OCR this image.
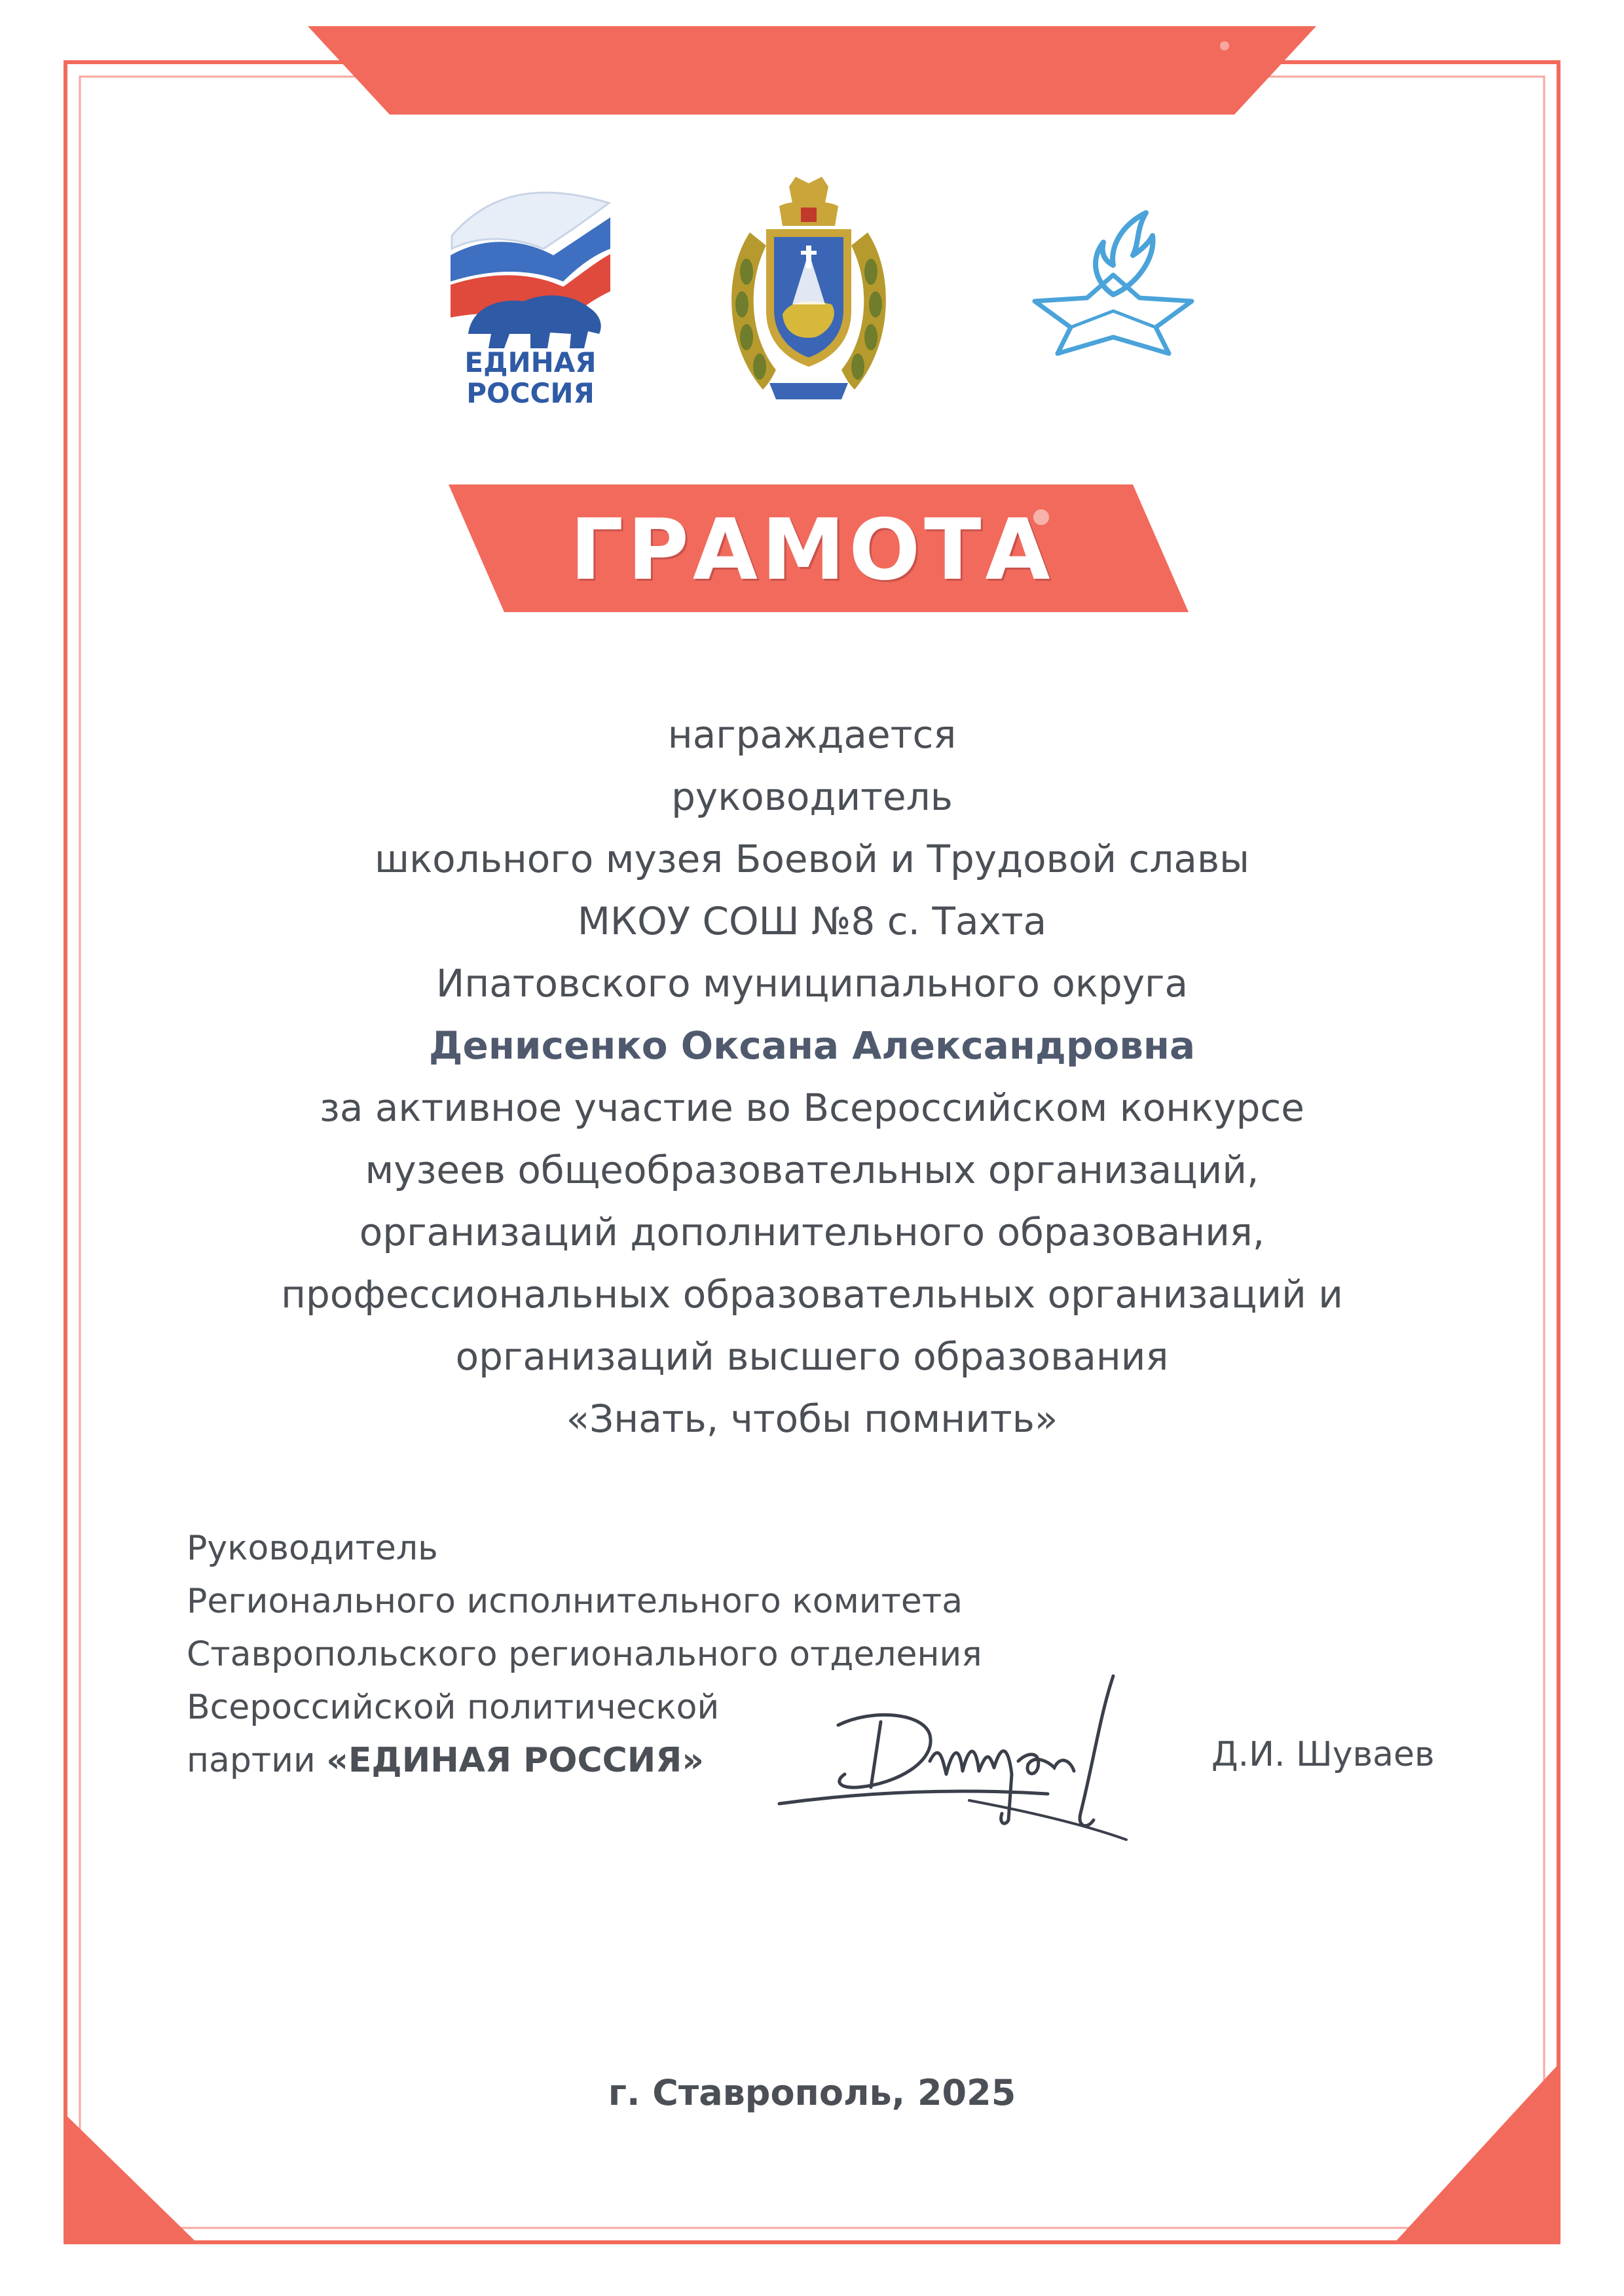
ЕДИНАЯ
РОССИЯ
ГРАМОТА
награждается
руководитель
школьного музея Боевой и Трудовой славы
МКОУ СОШ №8 с. Тахта
Ипатовского муниципального округа
Денисенко Оксана Александровна
за активное участие во Всероссийском конкурсе
музеев общеобразовательных организаций,
организаций дополнительного образования,
профессиональных образовательных организаций и
организаций высшего образования
«Знать, чтобы помнить»
Руководитель
Регионального исполнительного комитета
Ставропольского регионального отделения
Всероссийской политической
партии «ЕДИНАЯ РОССИЯ»	Д.И. Шуваев
г. Ставрополь, 2025
